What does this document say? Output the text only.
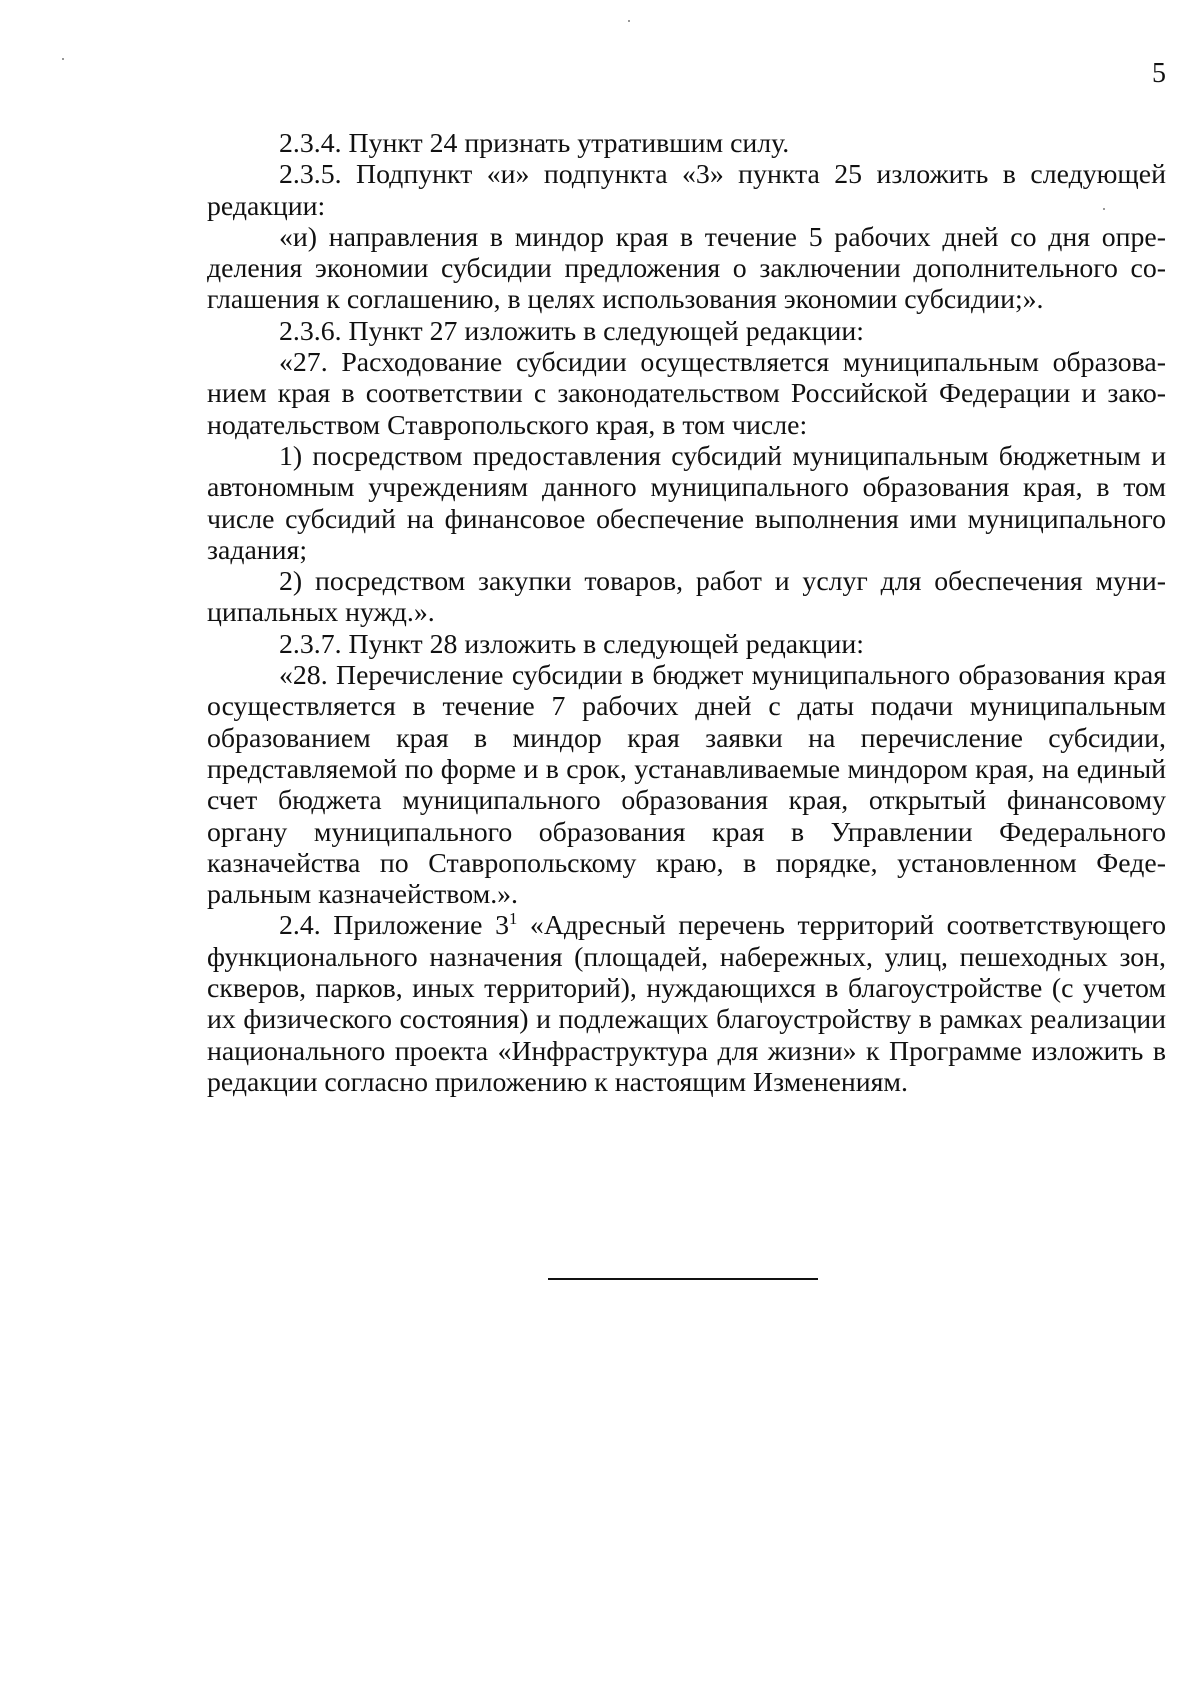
5

2.3.4. Пункт 24 признать утратившим силу.

2.3.5. Подпункт «и» подпункта «3» пункта 25 изложить в следующей редакции:

«и) направления в миндор края в течение 5 рабочих дней со дня определения экономии субсидии предложения о заключении дополнительного соглашения к соглашению, в целях использования экономии субсидии;».

2.3.6. Пункт 27 изложить в следующей редакции:

«27. Расходование субсидии осуществляется муниципальным образованием края в соответствии с законодательством Российской Федерации и законодательством Ставропольского края, в том числе:

1) посредством предоставления субсидий муниципальным бюджетным и автономным учреждениям данного муниципального образования края, в том числе субсидий на финансовое обеспечение выполнения ими муниципального задания;

2) посредством закупки товаров, работ и услуг для обеспечения муниципальных нужд.».

2.3.7. Пункт 28 изложить в следующей редакции:

«28. Перечисление субсидии в бюджет муниципального образования края осуществляется в течение 7 рабочих дней с даты подачи муниципальным образованием края в миндор края заявки на перечисление субсидии, представляемой по форме и в срок, устанавливаемые миндором края, на единый счет бюджета муниципального образования края, открытый финансовому органу муниципального образования края в Управлении Федерального казначейства по Ставропольскому краю, в порядке, установленном Федеральным казначейством.».

2.4. Приложение $3^1$ «Адресный перечень территорий соответствующего функционального назначения (площадей, набережных, улиц, пешеходных зон, скверов, парков, иных территорий), нуждающихся в благоустройстве (с учетом их физического состояния) и подлежащих благоустройству в рамках реализации национального проекта «Инфраструктура для жизни» к Программе изложить в редакции согласно приложению к настоящим Изменениям.
